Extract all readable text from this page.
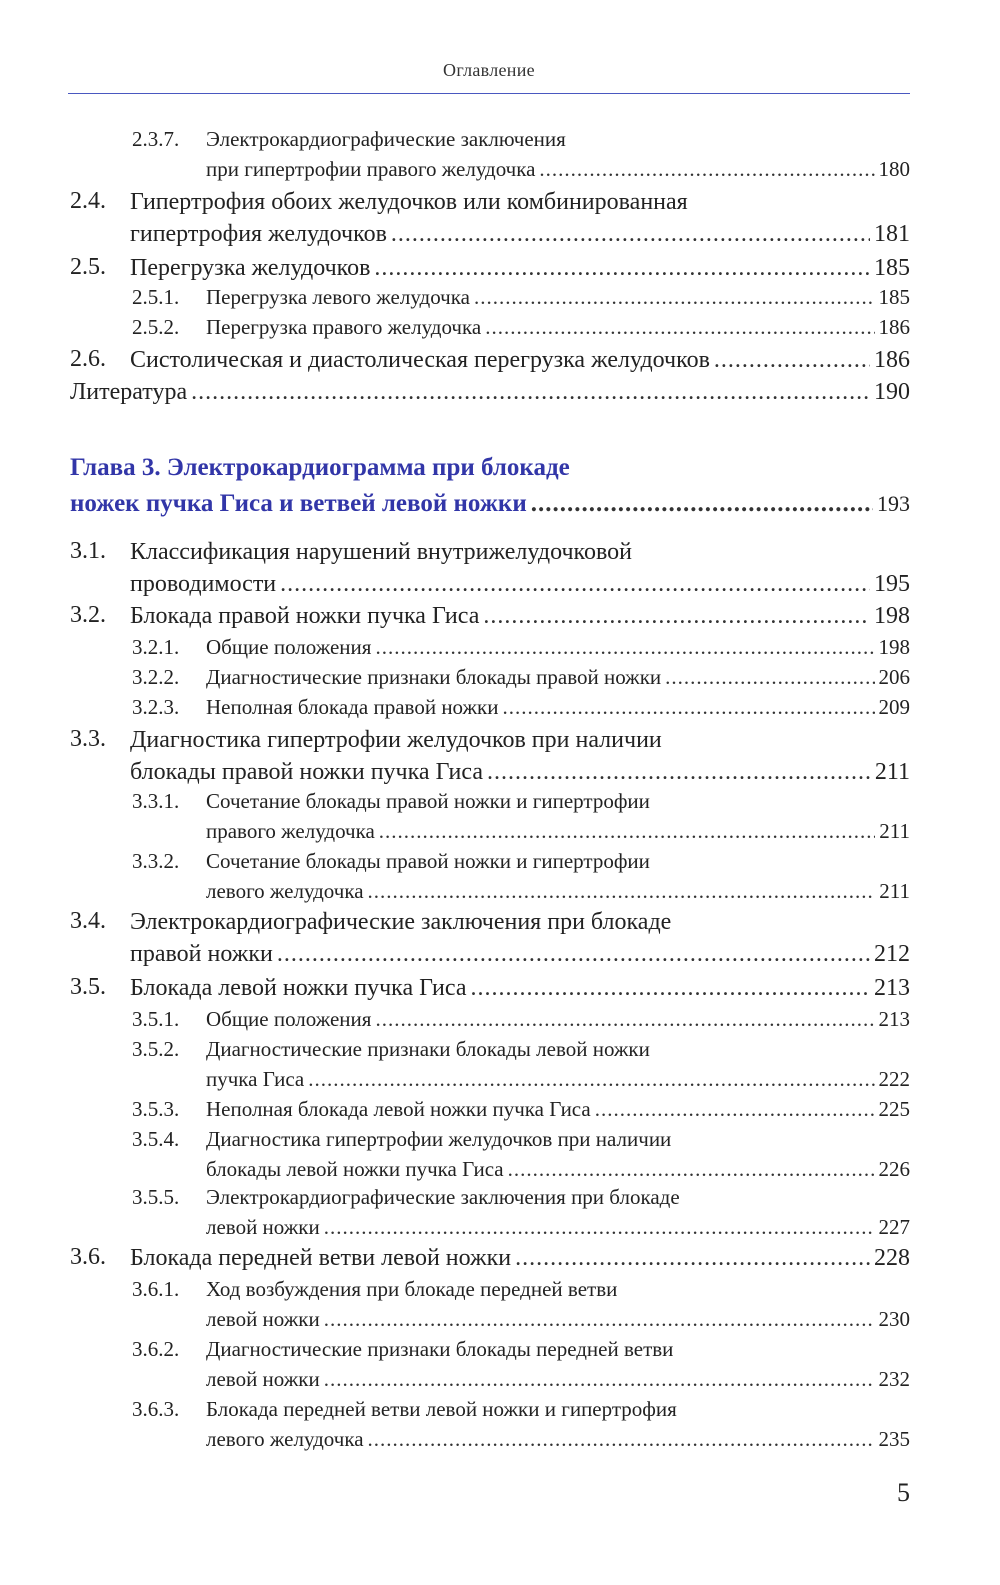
Оглавление
2.3.7. Электрокардиографические заключения
при гипертрофии правого желудочка .....	180
2.4. Гипертрофия обоих желудочков или комбинированная
гипертрофия желудочков .....	181
2.5. Перегрузка желудочков .....	185
2.5.1. Перегрузка левого желудочка .....	185
2.5.2. Перегрузка правого желудочка .....	186
2.6. Систолическая и диастолическая перегрузка желудочков .....	186
Литература .....	190
Глава 3. Электрокардиограмма при блокаде
ножек пучка Гиса и ветвей левой ножки .....	193
3.1. Классификация нарушений внутрижелудочковой
проводимости .....	195
3.2. Блокада правой ножки пучка Гиса .....	198
3.2.1. Общие положения .....	198
3.2.2. Диагностические признаки блокады правой ножки .....	206
3.2.3. Неполная блокада правой ножки .....	209
3.3. Диагностика гипертрофии желудочков при наличии
блокады правой ножки пучка Гиса .....	211
3.3.1. Сочетание блокады правой ножки и гипертрофии
правого желудочка .....	211
3.3.2. Сочетание блокады правой ножки и гипертрофии
левого желудочка .....	211
3.4. Электрокардиографические заключения при блокаде
правой ножки .....	212
3.5. Блокада левой ножки пучка Гиса .....	213
3.5.1. Общие положения .....	213
3.5.2. Диагностические признаки блокады левой ножки
пучка Гиса .....	222
3.5.3. Неполная блокада левой ножки пучка Гиса .....	225
3.5.4. Диагностика гипертрофии желудочков при наличии
блокады левой ножки пучка Гиса .....	226
3.5.5. Электрокардиографические заключения при блокаде
левой ножки .....	227
3.6. Блокада передней ветви левой ножки .....	228
3.6.1. Ход возбуждения при блокаде передней ветви
левой ножки .....	230
3.6.2. Диагностические признаки блокады передней ветви
левой ножки .....	232
3.6.3. Блокада передней ветви левой ножки и гипертрофия
левого желудочка .....	235
5
